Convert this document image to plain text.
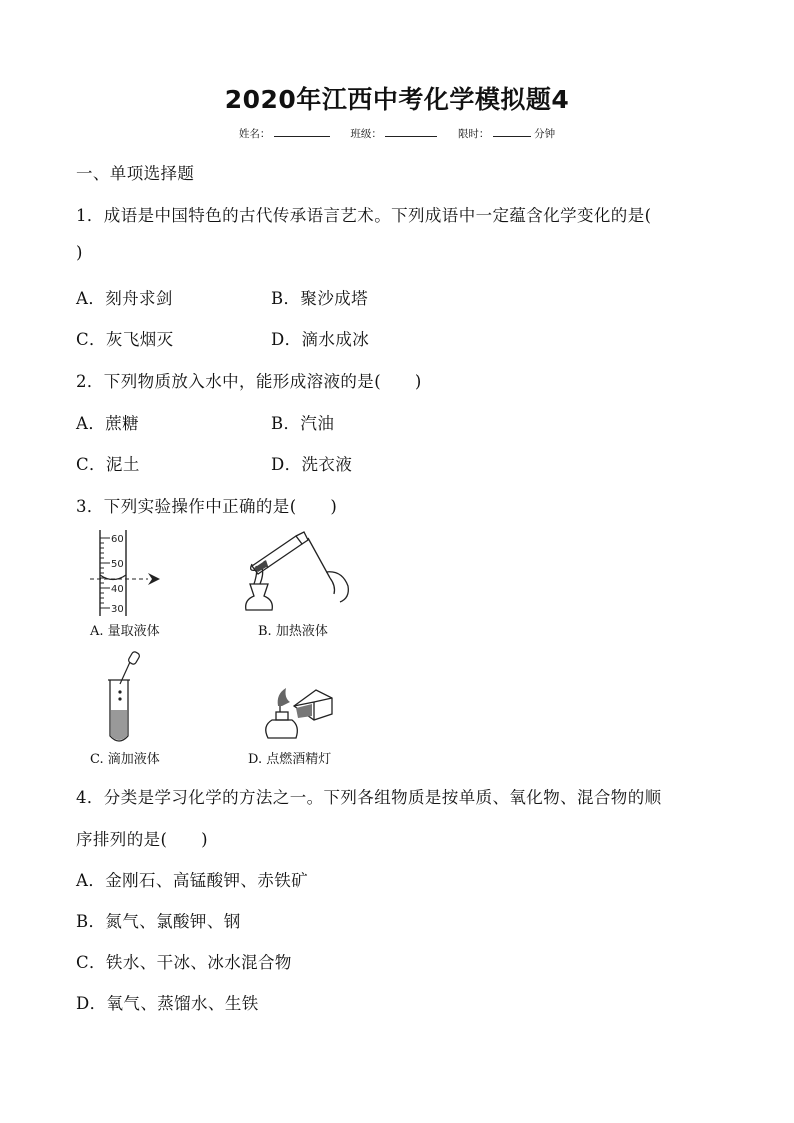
2020年江西中考化学模拟题4
姓名：	班级：	限时：	分钟
一、单项选择题
1．成语是中国特色的古代传承语言艺术。下列成语中一定蕴含化学变化的是(
)
A．刻舟求剑	B．聚沙成塔
C．灰飞烟灭	D．滴水成冰
2．下列物质放入水中，能形成溶液的是(　　)
A．蔗糖	B．汽油
C．泥土	D．洗衣液
3．下列实验操作中正确的是(　　)
60
50
40
30
A. 量取液体	B. 加热液体
C. 滴加液体	D. 点燃酒精灯
4．分类是学习化学的方法之一。下列各组物质是按单质、氧化物、混合物的顺
序排列的是(　　)
A．金刚石、高锰酸钾、赤铁矿
B．氮气、氯酸钾、钢
C．铁水、干冰、冰水混合物
D．氧气、蒸馏水、生铁
